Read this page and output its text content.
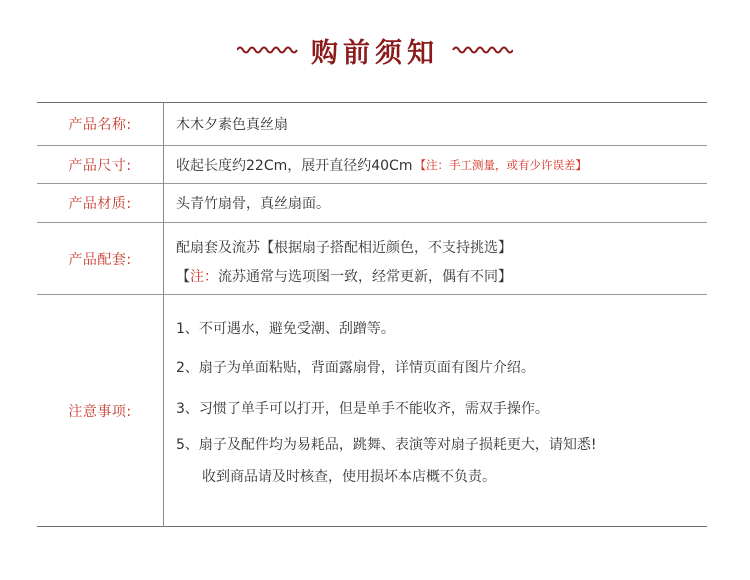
购前须知
产品名称:	木木夕素色真丝扇
产品尺寸:	收起长度约22Cm，展开直径约40Cm 【注：手工测量，或有少许误差】
产品材质:	头青竹扇骨，真丝扇面。
产品配套:
配扇套及流苏【根据扇子搭配相近颜色，不支持挑选】
【注：流苏通常与选项图一致，经常更新，偶有不同】
注意事项:
1、不可遇水，避免受潮、刮蹭等。
2、扇子为单面粘贴，背面露扇骨，详情页面有图片介绍。
3、习惯了单手可以打开，但是单手不能收齐，需双手操作。
5、扇子及配件均为易耗品，跳舞、表演等对扇子损耗更大，请知悉!
收到商品请及时核查，使用损坏本店概不负责。
